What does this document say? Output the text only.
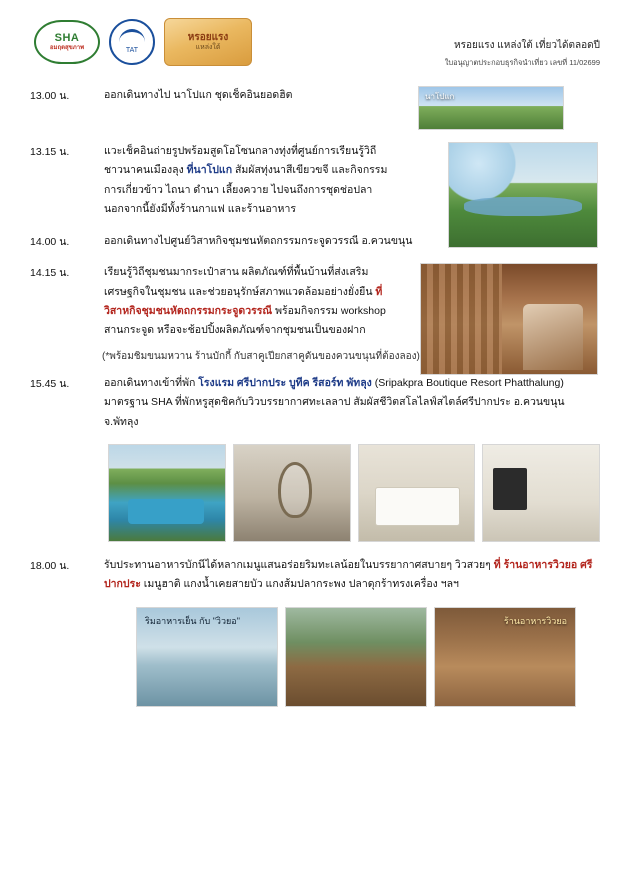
SHA
อมฤตสุขภาพ	TAT
หรอยแรง
แหล่งใต้	หรอยแรง แหล่งใต้ เที่ยวได้ตลอดปี
ใบอนุญาตประกอบธุรกิจนำเที่ยว เลขที่ 11/02699
13.00 น.	ออกเดินทางไป นาโปแก ชุดเช็คอินยอดฮิต	นาโปแก
13.15 น.	แวะเช็คอินถ่ายรูปพร้อมสูดโอโซนกลางทุ่งที่ศูนย์การเรียนรู้วิถีชาวนาคนเมืองลุง ที่นาโปแก สัมผัสทุ่งนาสีเขียวขจี และกิจกรรมการเกี่ยวข้าว ไถนา ดำนา เลี้ยงควาย ไปจนถึงการชุดช่อปลา นอกจากนี้ยังมีทั้งร้านกาแฟ และร้านอาหาร
14.00 น.	ออกเดินทางไปศูนย์วิสาหกิจชุมชนหัตถกรรมกระจูดวรรณี อ.ควนขนุน
14.15 น.	เรียนรู้วิถีชุมชนมากระเป๋าสาน ผลิตภัณฑ์ที่พื้นบ้านที่ส่งเสริมเศรษฐกิจในชุมชน และช่วยอนุรักษ์สภาพแวดล้อมอย่างยั่งยืน ที่ วิสาหกิจชุมชนหัตถกรรมกระจูดวรรณี พร้อมกิจกรรม workshop สานกระจูด หรือจะช้อปปิ้งผลิตภัณฑ์จากชุมชนเป็นของฝาก
(*พร้อมชิมขนมหวาน ร้านบักกี้ กับสาคูเปียกสาคูดันของควนขนุนที่ต้องลอง)
15.45 น.	ออกเดินทางเข้าที่พัก โรงแรม ศรีปากประ บูทีค รีสอร์ท พัทลุง (Sripakpra Boutique Resort Phatthalung) มาตรฐาน SHA ที่พักหรูสุดชิคกับวิวบรรยากาศทะเลลาป สัมผัสชีวิตสโลไลฟ์สไตล์ศรีปากประ อ.ควนขนุน จ.พัทลุง
18.00 น.	รับประทานอาหารบักนีได้หลากเมนูแสนอร่อยริมทะเลน้อยในบรรยากาศสบายๆ วิวสวยๆ ที่ ร้านอาหารวิวยอ ศรีปากประ เมนูฮาติ แกงน้ำเคยสายบัว แกงส้มปลากระพง ปลาดุกร้าทรงเครื่อง ฯลฯ
ริมอาหารเย็น กับ "วิวยอ"	ร้านอาหารวิวยอ
